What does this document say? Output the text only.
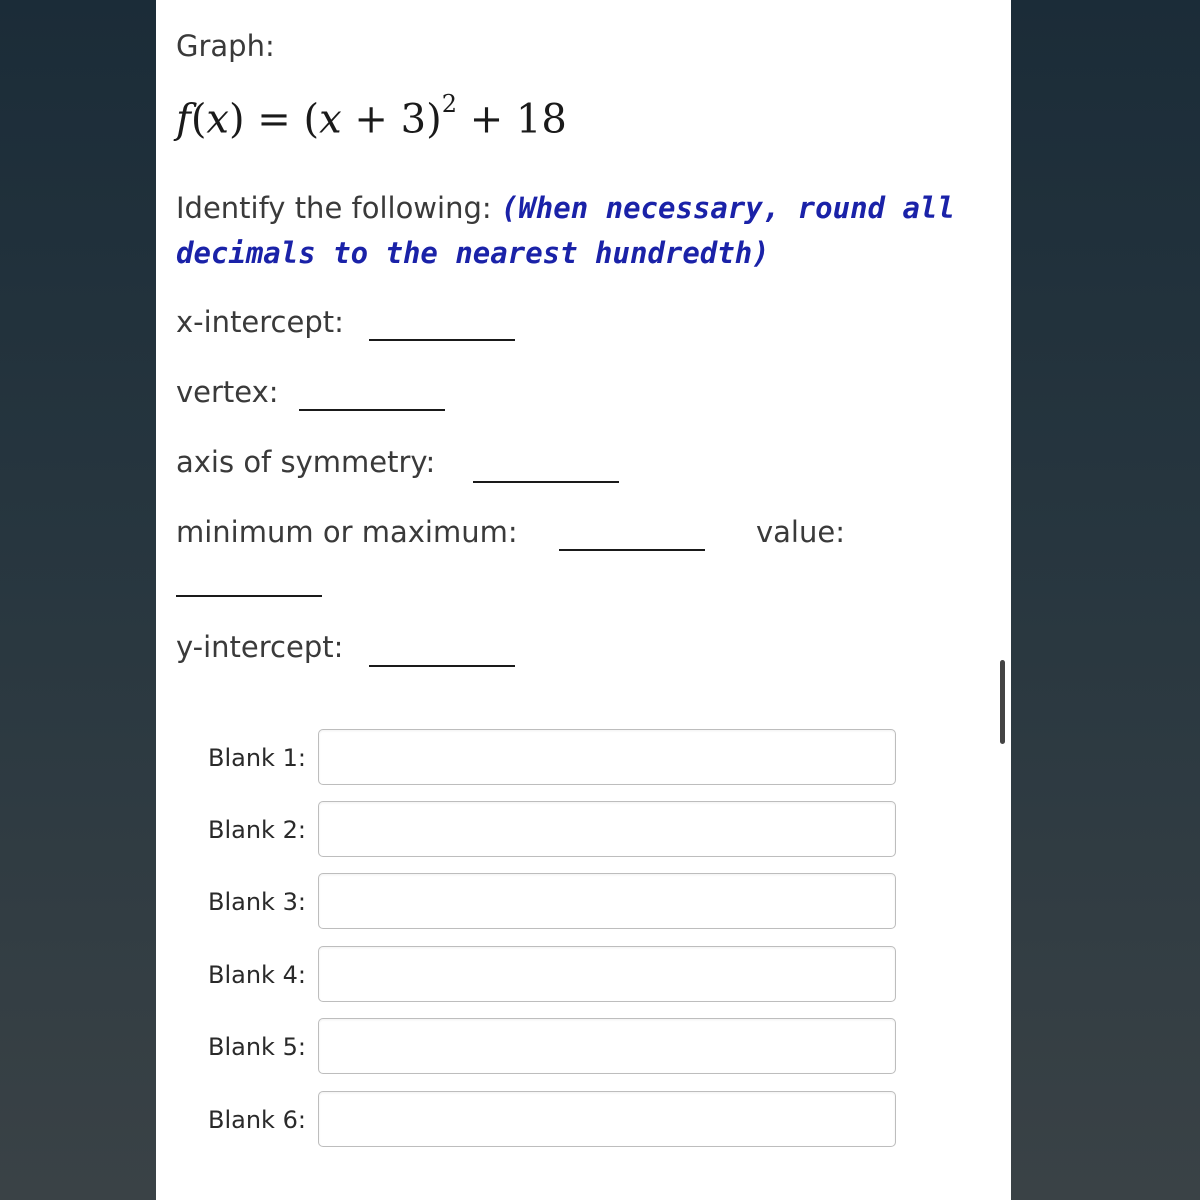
Graph:
$f(x) = (x + 3)^2 + 18$
Identify the following: (When necessary, round all decimals to the nearest hundredth)
x-intercept:
vertex:
axis of symmetry:
minimum or maximum:	value:
y-intercept:
Blank 1:
Blank 2:
Blank 3:
Blank 4:
Blank 5:
Blank 6:
